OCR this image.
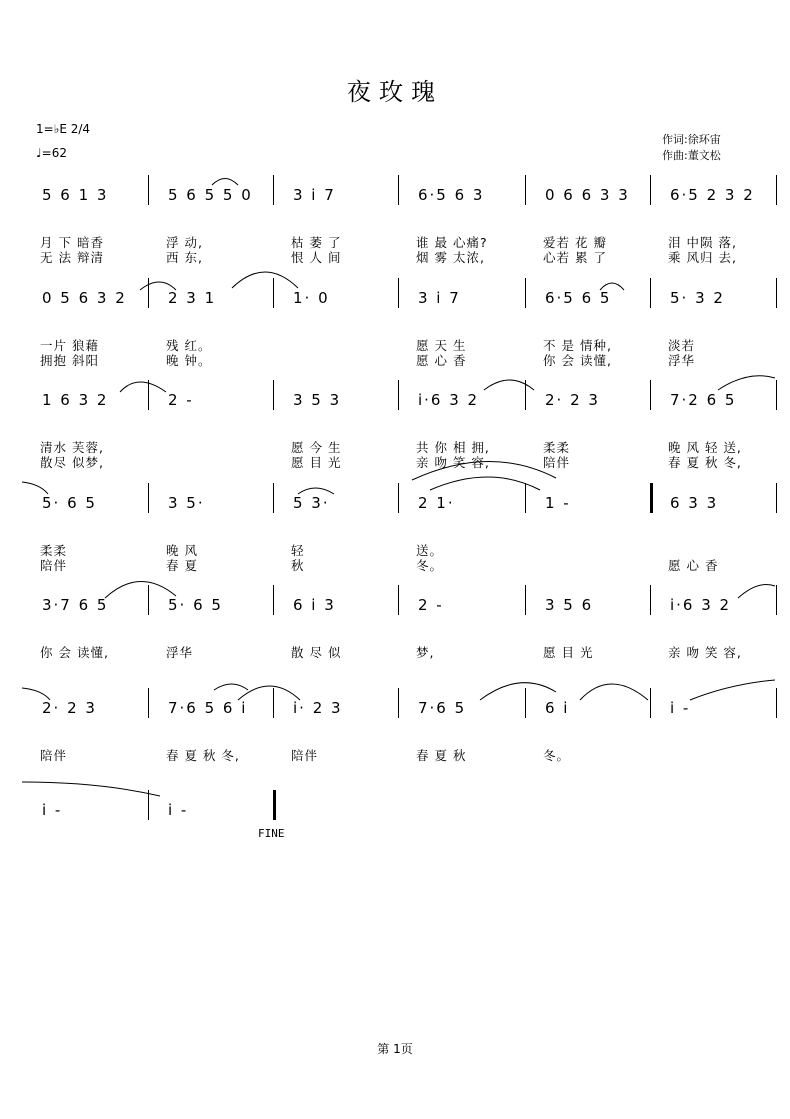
夜玫瑰
1=♭E 2/4
♩=62
作词:徐环宙
作曲:董文松
5 6 1 3
月 下 暗香
无 法 辩清
5 6 5 5 0
浮 动,
西 东,
3 i 7
枯 萎 了
恨 人 间
6·5 6 3
谁 最 心痛?
烟 雾 太浓,
0 6 6 3 3
爱若 花 瓣
心若 累 了
6·5 2 3 2
泪 中陨 落,
乘 风归 去,
0 5 6 3 2
一片 狼藉
拥抱 斜阳
2 3 1
残 红。
晚 钟。
1· 0	3 i 7
愿 天 生
愿 心 香
6·5 6 5
不 是 情种,
你 会 读懂,
5· 3 2
淡若
浮华
1 6 3 2
清水 芙蓉,
散尽 似梦,
2 -	3 5 3
愿 今 生
愿 目 光
i·6 3 2
共 你 相 拥,
亲 吻 笑 容,
2· 2 3
柔柔
陪伴
7·2 6 5
晚 风 轻 送,
春 夏 秋 冬,
5· 6 5
柔柔
陪伴
3 5·
晚 风
春 夏
5 3·
轻
秋
2 1·
送。
冬。
1 -	6 3 3
愿 心 香
3·7 6 5
你 会 读懂,
5· 6 5
浮华
6 i 3
散 尽 似
2 -
梦,
3 5 6
愿 目 光
i·6 3 2
亲 吻 笑 容,
2· 2 3
陪伴
7·6 5 6 i
春 夏 秋 冬,
i· 2 3
陪伴
7·6 5
春 夏 秋
6 i
冬。
i -
i -	i -
FINE
第 1页
